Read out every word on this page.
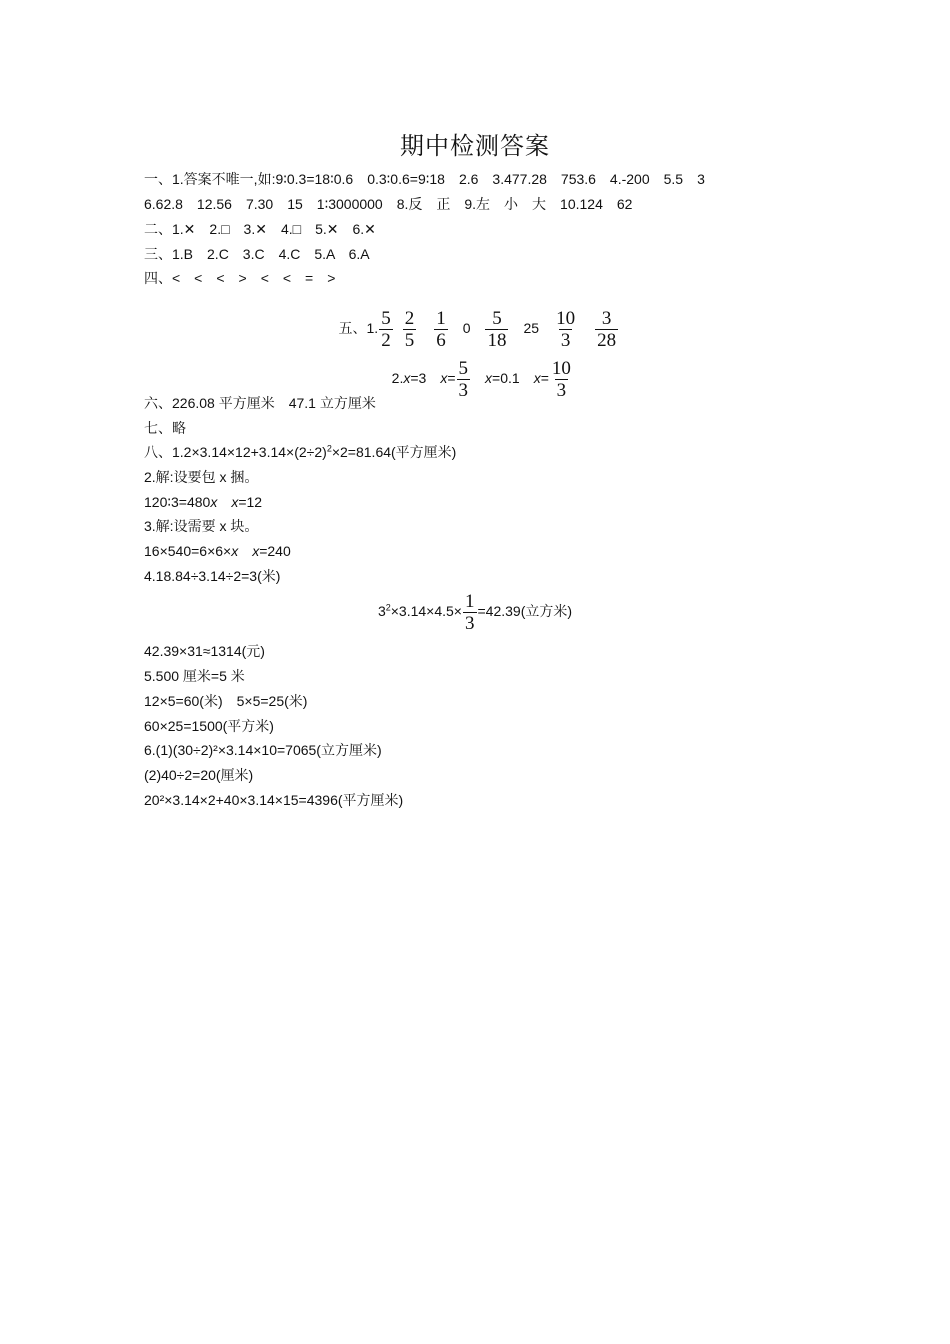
期中检测答案
一、1.答案不唯一,如:9∶0.3=18∶0.6　0.3∶0.6=9∶18　2.6　3.477.28　753.6　4.-200　5.5　3
6.62.8　12.56　7.30　15　1∶3000000　8.反　正　9.左　小　大　10.124　62
二、1.✕　2.□　3.✕　4.□　5.✕　6.✕
三、1.B　2.C　3.C　4.C　5.A　6.A
四、<　<　<　>　<　<　=　>

五、1. $\frac{5}{2} \frac{2}{5} \frac{1}{6} 0 \frac{5}{18} 25 \frac{10}{3} \frac{3}{28}$

2.x=3 $x= \frac{5}{3} x=0.1$ $x= \frac{10}{3}$

六、226.08 平方厘米　47.1 立方厘米
七、略
八、$1.2\times 3.14\times 12+3.14\times(2\div 2)^2\times 2=81.64$(平方厘米)
2.解:设要包 x 捆。
120∶3=480x x=12
3.解:设需要 x 块。
16×540=6×6×x x=240
4.18.84÷3.14÷2=3(米)
$3^2\times 3.14\times 4.5\times \frac{1}{3} =42.39$(立方米)
42.39×31≈1314(元)
5.500 厘米=5 米
12×5=60(米)　5×5=25(米)
60×25=1500(平方米)
6.(1)(30÷2)²×3.14×10=7065(立方厘米)
(2)40÷2=20(厘米)
20²×3.14×2+40×3.14×15=4396(平方厘米)
